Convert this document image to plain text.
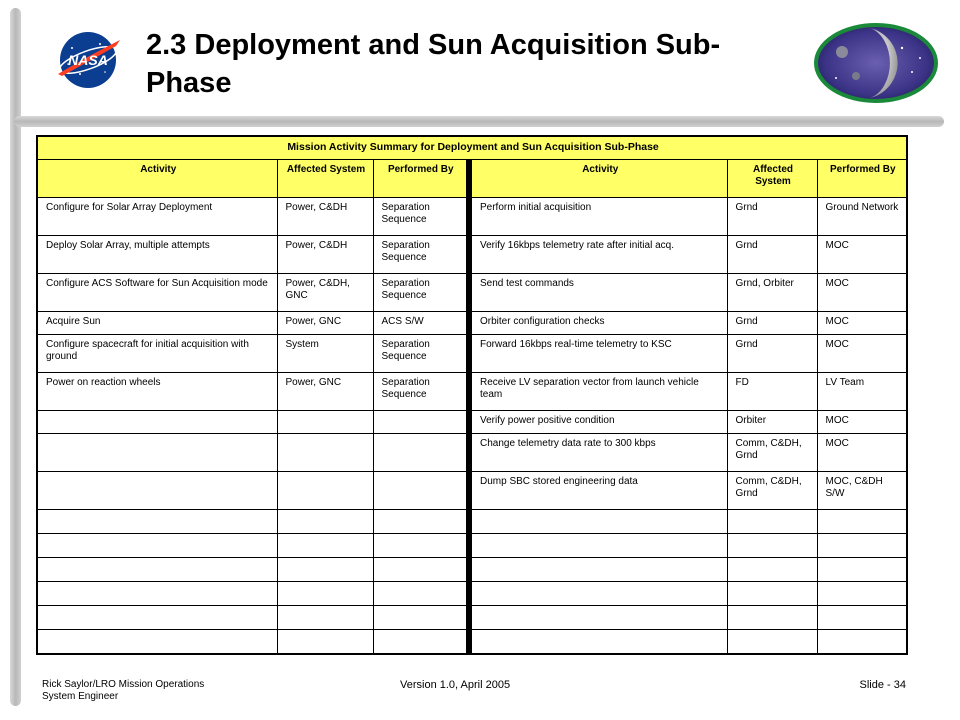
NASA 2.3 Deployment and Sun Acquisition Sub-
Phase
Mission Activity Summary for Deployment and Sun Acquisition Sub-Phase					
Activity	Affected System	Performed By	Activity	Affected System	Performed By
Configure for Solar Array Deployment	Power, C&DH	Separation Sequence	Perform initial acquisition	Grnd	Ground Network
Deploy Solar Array, multiple attempts	Power, C&DH	Separation Sequence	Verify 16kbps telemetry rate after initial acq.	Grnd	MOC
Configure ACS Software for Sun Acquisition mode	Power, C&DH, GNC	Separation Sequence	Send test commands	Grnd, Orbiter	MOC
Acquire Sun	Power, GNC	ACS S/W	Orbiter configuration checks	Grnd	MOC
Configure spacecraft for initial acquisition with ground	System	Separation Sequence	Forward 16kbps real-time telemetry to KSC	Grnd	MOC
Power on reaction wheels	Power, GNC	Separation Sequence	Receive LV separation vector from launch vehicle team	FD	LV Team
			Verify power positive condition	Orbiter	MOC
			Change telemetry data rate to 300 kbps	Comm, C&DH, Grnd	MOC
			Dump SBC stored engineering data	Comm, C&DH, Grnd	MOC, C&DH S/W

Rick Saylor/LRO Mission Operations
System Engineer
Version 1.0, April 2005	Slide - 34
